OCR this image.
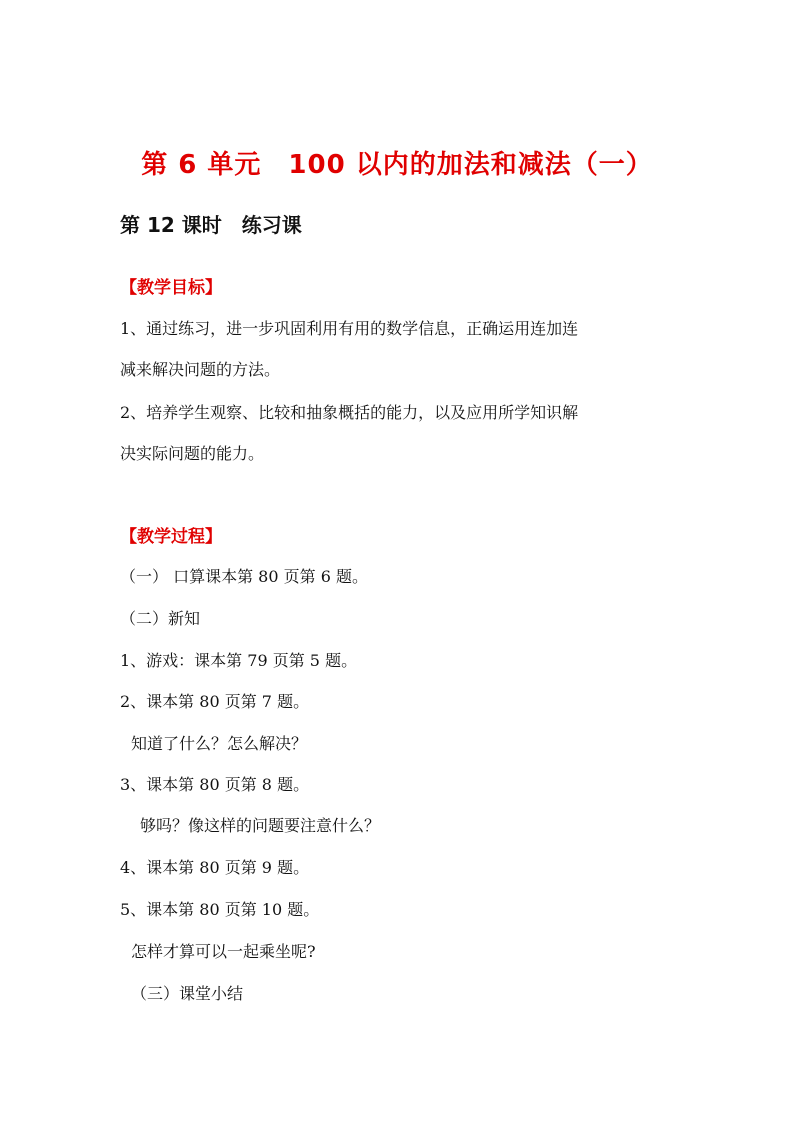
第 6 单元　100 以内的加法和减法（一）
第 12 课时　练习课
【教学目标】
1、通过练习，进一步巩固利用有用的数学信息，正确运用连加连
减来解决问题的方法。
2、培养学生观察、比较和抽象概括的能力，以及应用所学知识解
决实际问题的能力。
【教学过程】
（一） 口算课本第 80 页第 6 题。
（二）新知
1、游戏：课本第 79 页第 5 题。
2、课本第 80 页第 7 题。
知道了什么？怎么解决？
3、课本第 80 页第 8 题。
够吗？像这样的问题要注意什么？
4、课本第 80 页第 9 题。
5、课本第 80 页第 10 题。
怎样才算可以一起乘坐呢?
（三）课堂小结
